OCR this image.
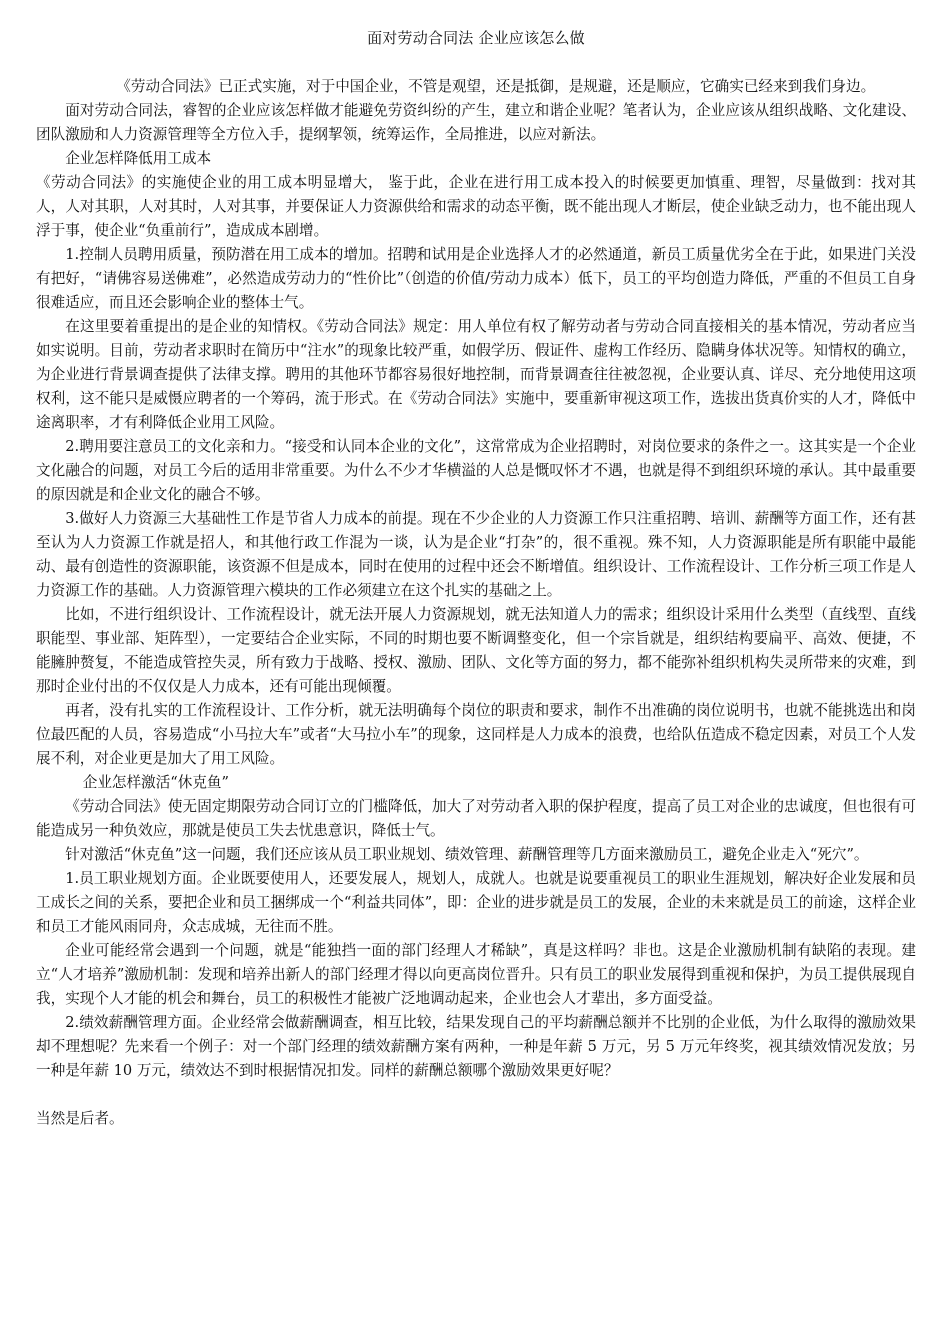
面对劳动合同法 企业应该怎么做

《劳动合同法》已正式实施，对于中国企业，不管是观望，还是抵御，是规避，还是顺应，它确实已经来到我们身边。

面对劳动合同法，睿智的企业应该怎样做才能避免劳资纠纷的产生，建立和谐企业呢？笔者认为，企业应该从组织战略、文化建设、团队激励和人力资源管理等全方位入手，提纲挈领，统筹运作，全局推进，以应对新法。

企业怎样降低用工成本

《劳动合同法》的实施使企业的用工成本明显增大， 鉴于此，企业在进行用工成本投入的时候要更加慎重、理智，尽量做到：找对其人，人对其职，人对其时，人对其事，并要保证人力资源供给和需求的动态平衡，既不能出现人才断层，使企业缺乏动力，也不能出现人浮于事，使企业“负重前行”，造成成本剧增。

1.控制人员聘用质量，预防潜在用工成本的增加。招聘和试用是企业选择人才的必然通道，新员工质量优劣全在于此，如果进门关没有把好，“请佛容易送佛难”，必然造成劳动力的“性价比”（创造的价值/劳动力成本）低下，员工的平均创造力降低，严重的不但员工自身很难适应，而且还会影响企业的整体士气。

在这里要着重提出的是企业的知情权。《劳动合同法》规定：用人单位有权了解劳动者与劳动合同直接相关的基本情况，劳动者应当如实说明。目前，劳动者求职时在简历中“注水”的现象比较严重，如假学历、假证件、虚构工作经历、隐瞒身体状况等。知情权的确立，为企业进行背景调查提供了法律支撑。聘用的其他环节都容易很好地控制，而背景调查往往被忽视，企业要认真、详尽、充分地使用这项权利，这不能只是威慑应聘者的一个筹码，流于形式。在《劳动合同法》实施中，要重新审视这项工作，选拔出货真价实的人才，降低中途离职率，才有利降低企业用工风险。

2.聘用要注意员工的文化亲和力。“接受和认同本企业的文化”，这常常成为企业招聘时，对岗位要求的条件之一。这其实是一个企业文化融合的问题，对员工今后的适用非常重要。为什么不少才华横溢的人总是慨叹怀才不遇，也就是得不到组织环境的承认。其中最重要的原因就是和企业文化的融合不够。

3.做好人力资源三大基础性工作是节省人力成本的前提。现在不少企业的人力资源工作只注重招聘、培训、薪酬等方面工作，还有甚至认为人力资源工作就是招人，和其他行政工作混为一谈，认为是企业“打杂”的，很不重视。殊不知，人力资源职能是所有职能中最能动、最有创造性的资源职能，该资源不但是成本，同时在使用的过程中还会不断增值。组织设计、工作流程设计、工作分析三项工作是人力资源工作的基础。人力资源管理六模块的工作必须建立在这个扎实的基础之上。

比如，不进行组织设计、工作流程设计，就无法开展人力资源规划，就无法知道人力的需求；组织设计采用什么类型（直线型、直线职能型、事业部、矩阵型），一定要结合企业实际，不同的时期也要不断调整变化，但一个宗旨就是，组织结构要扁平、高效、便捷，不能臃肿赘复，不能造成管控失灵，所有致力于战略、授权、激励、团队、文化等方面的努力，都不能弥补组织机构失灵所带来的灾难，到那时企业付出的不仅仅是人力成本，还有可能出现倾覆。

再者，没有扎实的工作流程设计、工作分析，就无法明确每个岗位的职责和要求，制作不出准确的岗位说明书，也就不能挑选出和岗位最匹配的人员，容易造成“小马拉大车”或者“大马拉小车”的现象，这同样是人力成本的浪费，也给队伍造成不稳定因素，对员工个人发展不利，对企业更是加大了用工风险。

企业怎样激活“休克鱼”

《劳动合同法》使无固定期限劳动合同订立的门槛降低，加大了对劳动者入职的保护程度，提高了员工对企业的忠诚度，但也很有可能造成另一种负效应，那就是使员工失去忧患意识，降低士气。

针对激活“休克鱼”这一问题，我们还应该从员工职业规划、绩效管理、薪酬管理等几方面来激励员工，避免企业走入“死穴”。

1.员工职业规划方面。企业既要使用人，还要发展人，规划人，成就人。也就是说要重视员工的职业生涯规划，解决好企业发展和员工成长之间的关系，要把企业和员工捆绑成一个“利益共同体”，即：企业的进步就是员工的发展，企业的未来就是员工的前途，这样企业和员工才能风雨同舟，众志成城，无往而不胜。

企业可能经常会遇到一个问题，就是“能独挡一面的部门经理人才稀缺”，真是这样吗？非也。这是企业激励机制有缺陷的表现。建立“人才培养”激励机制：发现和培养出新人的部门经理才得以向更高岗位晋升。只有员工的职业发展得到重视和保护，为员工提供展现自我，实现个人才能的机会和舞台，员工的积极性才能被广泛地调动起来，企业也会人才辈出，多方面受益。

2.绩效薪酬管理方面。企业经常会做薪酬调查，相互比较，结果发现自己的平均薪酬总额并不比别的企业低，为什么取得的激励效果却不理想呢？先来看一个例子：对一个部门经理的绩效薪酬方案有两种，一种是年薪 5 万元，另 5 万元年终奖，视其绩效情况发放；另一种是年薪 10 万元，绩效达不到时根据情况扣发。同样的薪酬总额哪个激励效果更好呢？

当然是后者。
